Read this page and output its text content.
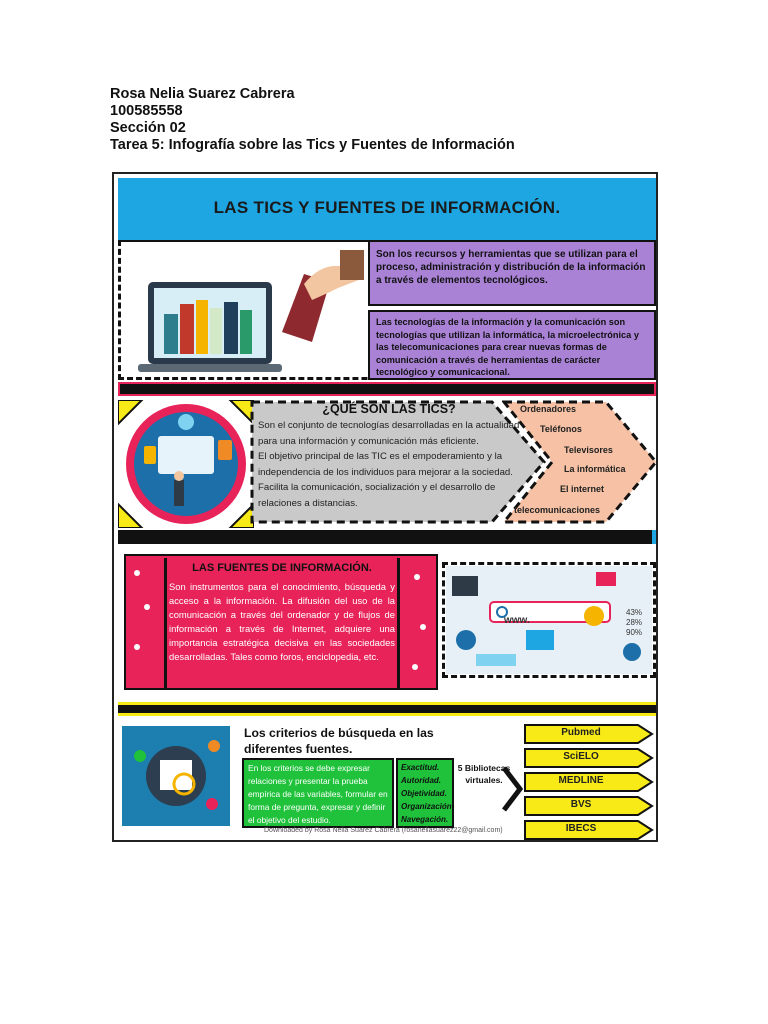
Rosa Nelia Suarez Cabrera
100585558
Sección 02
Tarea 5: Infografía sobre las Tics y Fuentes de Información
LAS TICS Y FUENTES DE INFORMACIÓN.
Son los recursos y herramientas que se utilizan para el proceso, administración y distribución de la información a través de elementos tecnológicos.
Las tecnologías de la información y la comunicación son tecnologías que utilizan la informática, la microelectrónica y las telecomunicaciones para crear nuevas formas de comunicación a través de herramientas de carácter tecnológico y comunicacional.
¿QUÉ SON LAS TICS?
Son el conjunto de tecnologías desarrolladas en la actualidad para una información y comunicación más eficiente.
El objetivo principal de las TIC es el empoderamiento y la independencia de los individuos para mejorar a la sociedad. Facilita la comunicación, socialización y el desarrollo de relaciones a distancias.
Ordenadores
Teléfonos
Televisores
La informática
El internet
telecomunicaciones
LAS FUENTES DE INFORMACIÓN.
Son instrumentos para el conocimiento, búsqueda y acceso a la información. La difusión del uso de la comunicación a través del ordenador y de flujos de información a través de Internet, adquiere una importancia estratégica decisiva en las sociedades desarrolladas. Tales como foros, enciclopedia, etc.
www.
43%
28%
90%
Los criterios de búsqueda en las diferentes fuentes.
En los criterios se debe expresar relaciones y presentar la prueba empírica de las variables, formular en forma de pregunta, expresar y definir el objetivo del estudio.
Exactitud.
Autoridad.
Objetividad.
Organización
Navegación.
5 Bibliotecas virtuales.
Pubmed
SciELO
MEDLINE
BVS
IBECS
Downloaded by Rosa Nelia Suarez Cabrera (rosaneliasuarez22@gmail.com)
